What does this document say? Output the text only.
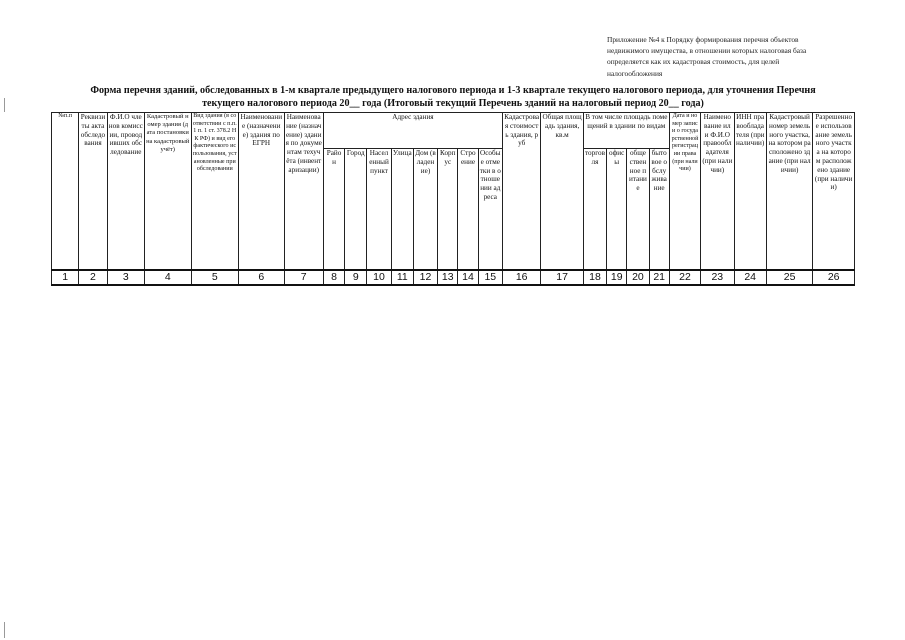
Приложение №4 к Порядку формирования перечня объектов
недвижимого имущества, в отношении которых налоговая база
определяется как их кадастровая стоимость, для целей
налогообложения
Форма перечня зданий, обследованных в 1-м квартале предыдущего налогового периода и 1-3 квартале текущего налогового периода, для уточнения Перечня
текущего налогового периода 20__ года (Итоговый текущий Перечень зданий на налоговый период 20__ года)
№п.п	Реквизиты акта обследования	Ф.И.О членов комиссии, проводивших обследование	Кадастровый номер здания (дата постановки на кадастровый учёт)	Вид здания (в соответствии с п.п.1 п. 1 ст. 378.2 НК РФ) и вид его фактического использования, установленные при обследовании	Наименование (назначение) здания по ЕГРН	Наименование (назначение) здания по документам техучёта (инвентаризации)	Адрес здания								Кадастровая стоимость здания, руб	Общая площадь здания, кв.м	В том числе площадь помещений в здании по видам				Дата и номер записи о государственной регистрации права (при наличии)	Наименование или Ф.И.О правообладателя (при наличии)	ИНН правообладателя (при наличии)	Кадастровый номер земельного участка, на котором расположено здание (при наличии)	Разрешенное использование земельного участка на котором расположено здание (при наличии)
							Район	Город	Населенный пункт	Улица	Дом (владение)	Корпус	Строение	Особые отметки в отношении адреса			торговля	офисы	общественное питание	бытовое обслуживание					
1	2	3	4	5	6	7	8	9	10	11	12	13	14	15	16	17	18	19	20	21	22	23	24	25	26
